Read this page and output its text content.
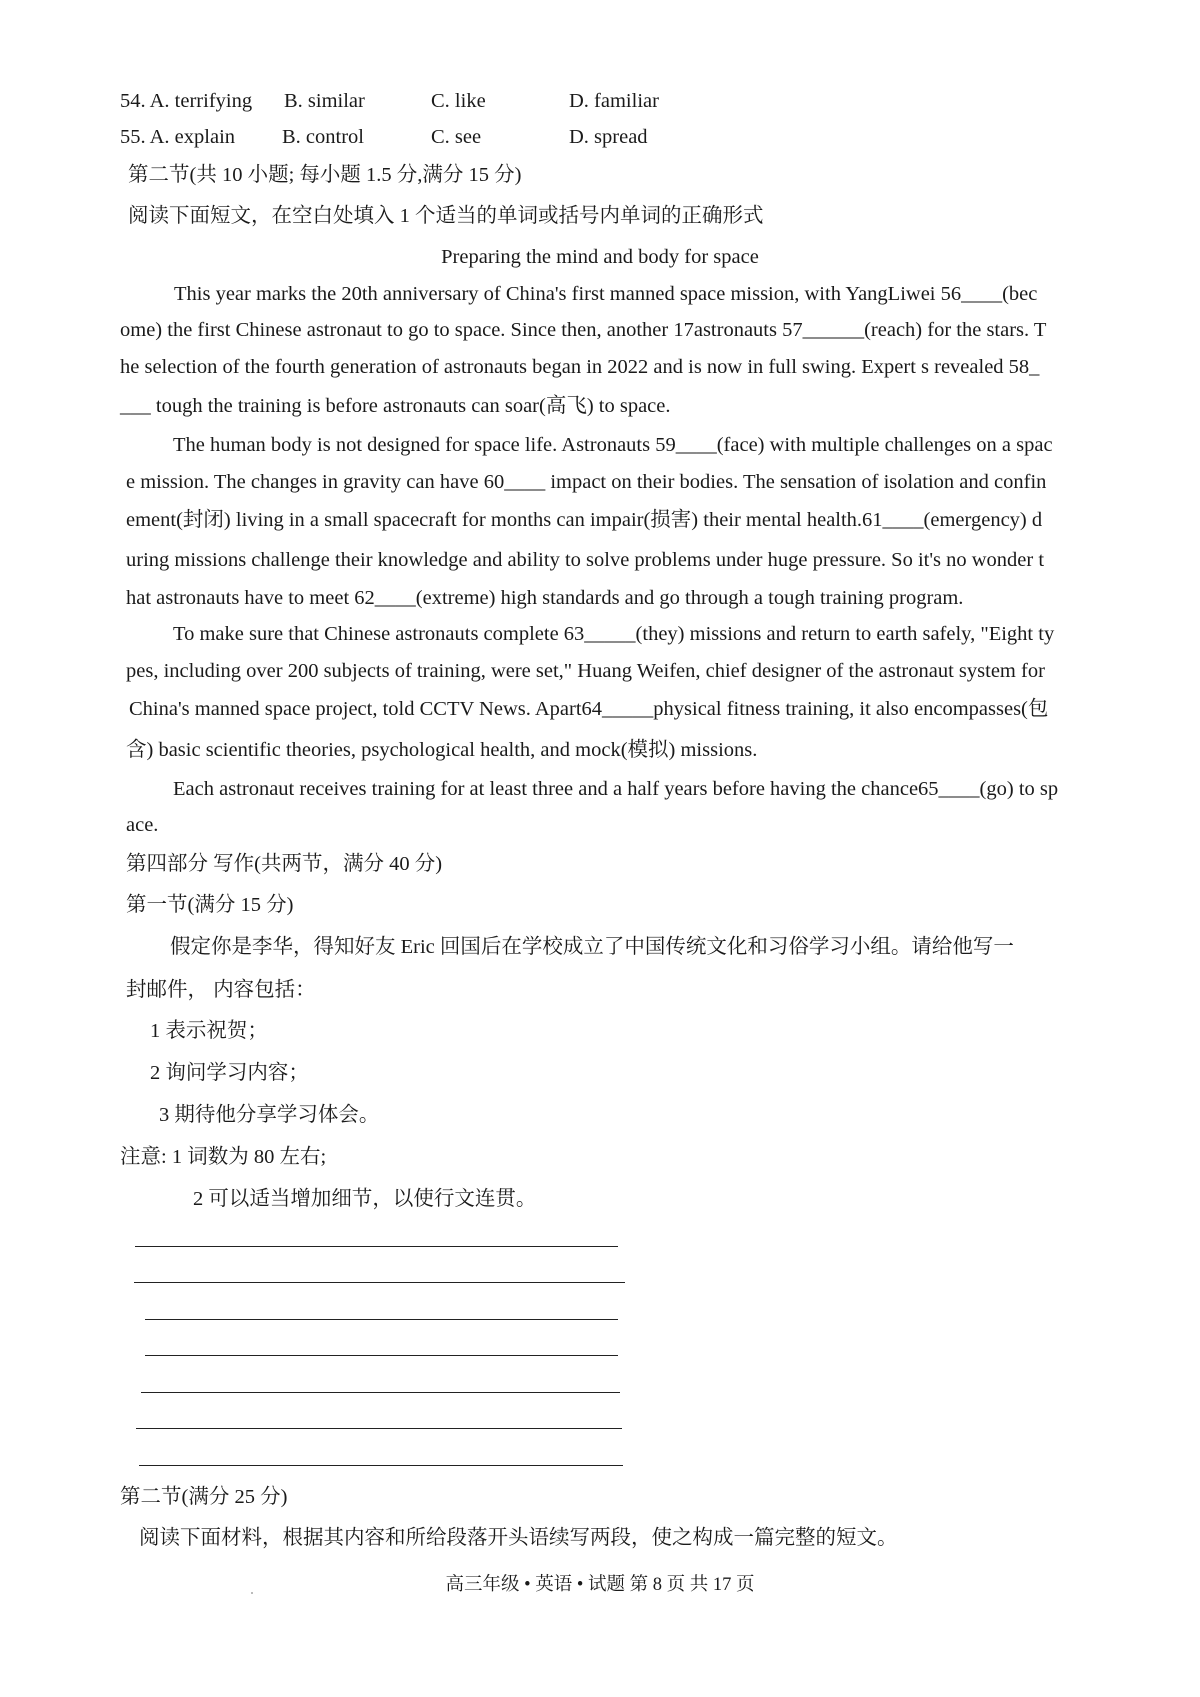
54. A. terrifying B. similar	C. like	D. familiar
55. A. explain B. control	C. see	D. spread
第二节(共 10 小题; 每小题 1.5 分,满分 15 分)
阅读下面短文，在空白处填入 1 个适当的单词或括号内单词的正确形式
Preparing the mind and body for space
This year marks the 20th anniversary of China's first manned space mission, with YangLiwei 56____(bec
ome) the first Chinese astronaut to go to space. Since then, another 17astronauts 57______(reach) for the stars. T
he selection of the fourth generation of astronauts began in 2022 and is now in full swing. Expert s revealed 58_
___ tough the training is before astronauts can soar(高飞) to space.
The human body is not designed for space life. Astronauts 59____(face) with multiple challenges on a spac
e mission. The changes in gravity can have 60____ impact on their bodies. The sensation of isolation and confin
ement(封闭) living in a small spacecraft for months can impair(损害) their mental health.61____(emergency) d
uring missions challenge their knowledge and ability to solve problems under huge pressure. So it's no wonder t
hat astronauts have to meet 62____(extreme) high standards and go through a tough training program.
To make sure that Chinese astronauts complete 63_____(they) missions and return to earth safely, "Eight ty
pes, including over 200 subjects of training, were set," Huang Weifen, chief designer of the astronaut system for
China's manned space project, told CCTV News. Apart64_____physical fitness training, it also encompasses(包
含) basic scientific theories, psychological health, and mock(模拟) missions.
Each astronaut receives training for at least three and a half years before having the chance65____(go) to sp
ace.
第四部分 写作(共两节，满分 40 分)
第一节(满分 15 分)
假定你是李华，得知好友 Eric 回国后在学校成立了中国传统文化和习俗学习小组。请给他写一
封邮件， 内容包括：
1 表示祝贺；
2 询问学习内容；
3 期待他分享学习体会。
注意: 1 词数为 80 左右;
2 可以适当增加细节，以使行文连贯。
第二节(满分 25 分)
阅读下面材料，根据其内容和所给段落开头语续写两段，使之构成一篇完整的短文。
高三年级 • 英语 • 试题 第 8 页 共 17 页
